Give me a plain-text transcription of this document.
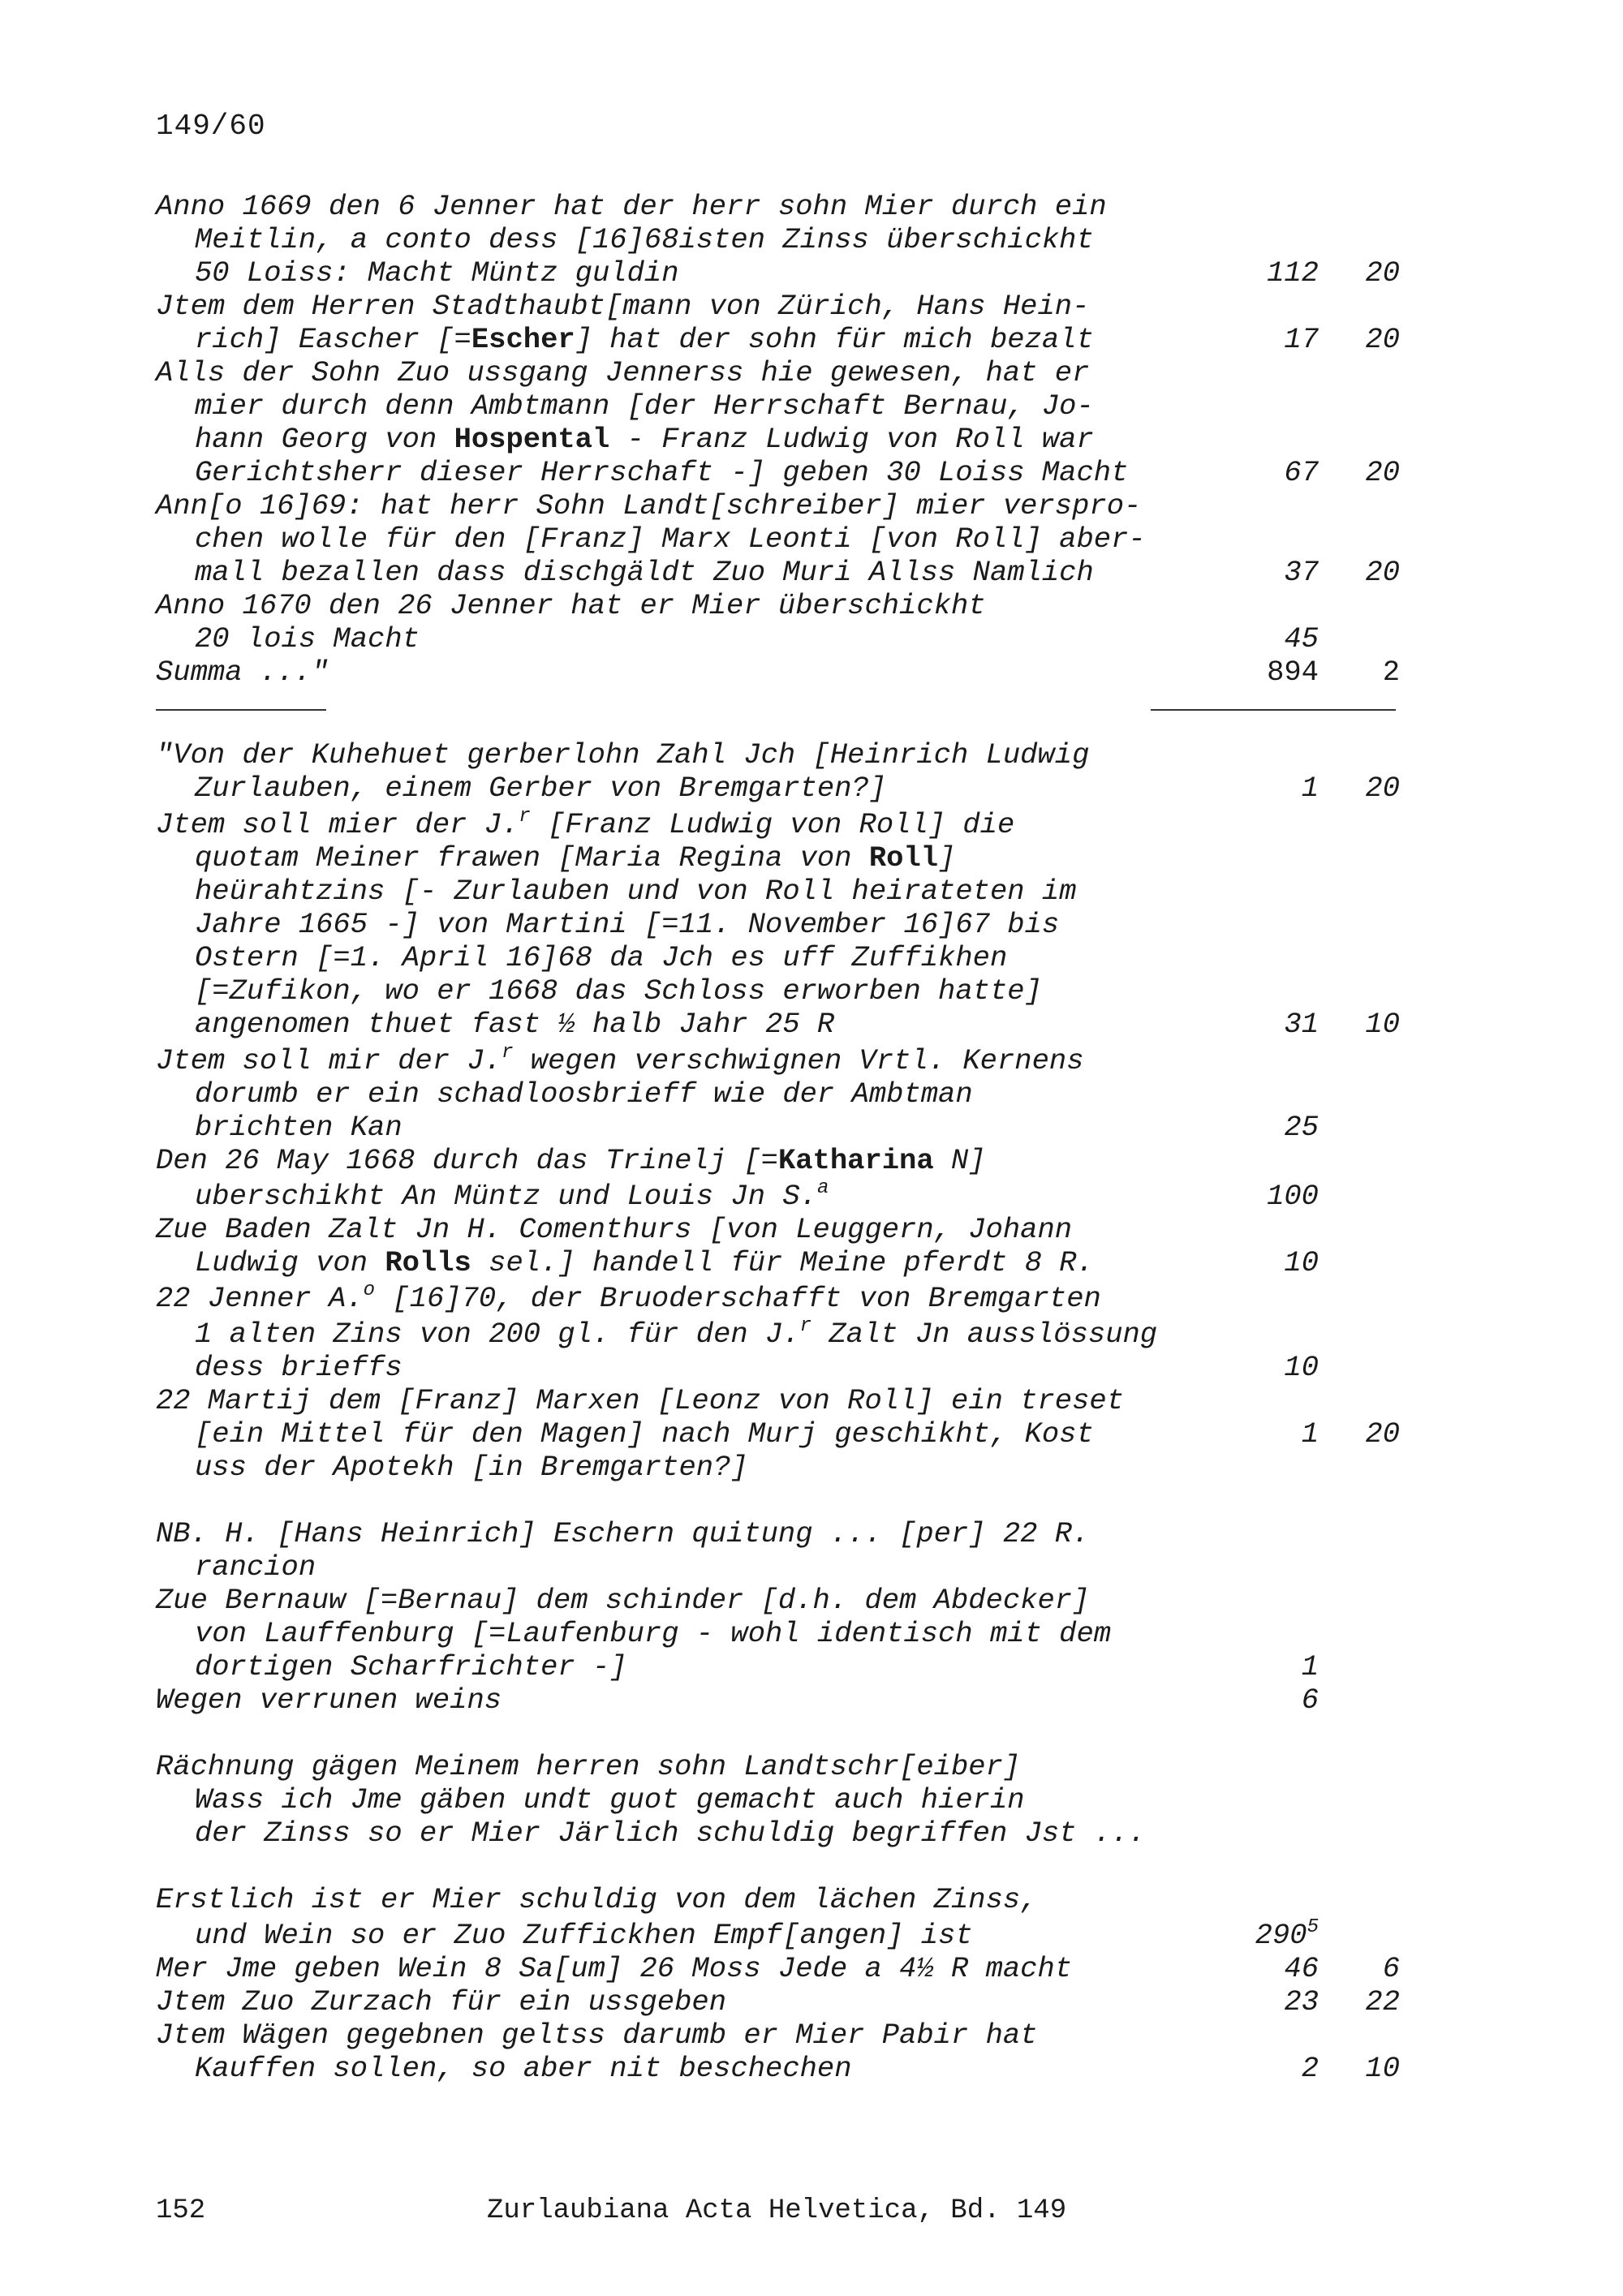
149/60
Anno 1669 den 6 Jenner hat der herr sohn Mier durch ein
Meitlin, a conto dess [16]68isten Zinss überschickht
50 Loiss: Macht Müntz guldin	112	20
Jtem dem Herren Stadthaubt[mann von Zürich, Hans Hein-
rich] Eascher [=Escher] hat der sohn für mich bezalt	17	20
Alls der Sohn Zuo ussgang Jennerss hie gewesen, hat er
mier durch denn Ambtmann [der Herrschaft Bernau, Jo-
hann Georg von Hospental - Franz Ludwig von Roll war
Gerichtsherr dieser Herrschaft -] geben 30 Loiss Macht	67	20
Ann[o 16]69: hat herr Sohn Landt[schreiber] mier verspro-
chen wolle für den [Franz] Marx Leonti [von Roll] aber-
mall bezallen dass dischgäldt Zuo Muri Allss Namlich	37	20
Anno 1670 den 26 Jenner hat er Mier überschickht
20 lois Macht	45
Summa ..."	894	2
"Von der Kuhehuet gerberlohn Zahl Jch [Heinrich Ludwig
Zurlauben, einem Gerber von Bremgarten?]	1	20
Jtem soll mier der J.$^r$ [Franz Ludwig von Roll] die
quotam Meiner frawen [Maria Regina von Roll]
heürahtzins [- Zurlauben und von Roll heirateten im
Jahre 1665 -] von Martini [=11. November 16]67 bis
Ostern [=1. April 16]68 da Jch es uff Zuffikhen
[=Zufikon, wo er 1668 das Schloss erworben hatte]
angenomen thuet fast ½ halb Jahr 25 R	31	10
Jtem soll mir der J.$^r$ wegen verschwignen Vrtl. Kernens
dorumb er ein schadloosbrieff wie der Ambtman
brichten Kan	25
Den 26 May 1668 durch das Trinelj [=Katharina N]
uberschikht An Müntz und Louis Jn S.$^a$	100
Zue Baden Zalt Jn H. Comenthurs [von Leuggern, Johann
Ludwig von Rolls sel.] handell für Meine pferdt 8 R.	10
22 Jenner A.$^o$ [16]70, der Bruoderschafft von Bremgarten
1 alten Zins von 200 gl. für den J.$^r$ Zalt Jn ausslössung
dess brieffs	10
22 Martij dem [Franz] Marxen [Leonz von Roll] ein treset
[ein Mittel für den Magen] nach Murj geschikht, Kost	1	20
uss der Apotekh [in Bremgarten?]
NB. H. [Hans Heinrich] Eschern quitung ... [per] 22 R.
rancion
Zue Bernauw [=Bernau] dem schinder [d.h. dem Abdecker]
von Lauffenburg [=Laufenburg - wohl identisch mit dem
dortigen Scharfrichter -]	1
Wegen verrunen weins	6
Rächnung gägen Meinem herren sohn Landtschr[eiber]
Wass ich Jme gäben undt guot gemacht auch hierin
der Zinss so er Mier Järlich schuldig begriffen Jst ...
Erstlich ist er Mier schuldig von dem lächen Zinss,
und Wein so er Zuo Zuffickhen Empf[angen] ist	$290^5$
Mer Jme geben Wein 8 Sa[um] 26 Moss Jede a 4½ R macht	46	6
Jtem Zuo Zurzach für ein ussgeben	23	22
Jtem Wägen gegebnen geltss darumb er Mier Pabir hat
Kauffen sollen, so aber nit beschechen	2	10
152	Zurlaubiana Acta Helvetica, Bd. 149
